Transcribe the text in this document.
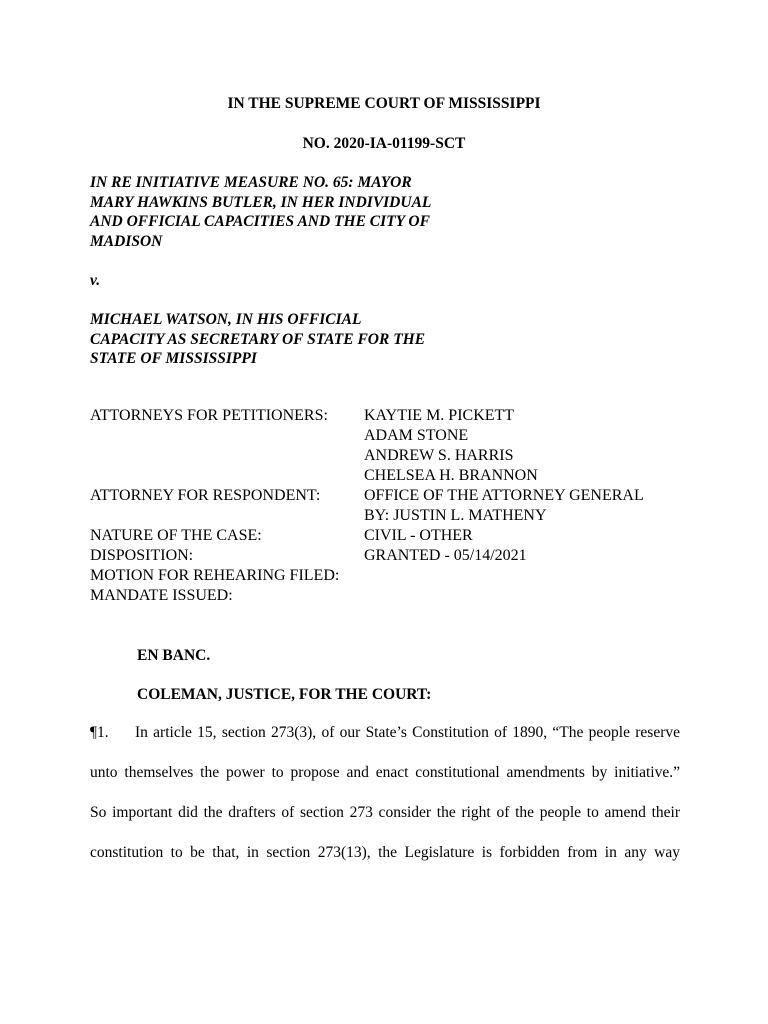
IN THE SUPREME COURT OF MISSISSIPPI
NO. 2020-IA-01199-SCT
IN RE INITIATIVE MEASURE NO. 65: MAYOR
MARY HAWKINS BUTLER, IN HER INDIVIDUAL
AND OFFICIAL CAPACITIES AND THE CITY OF
MADISON
v.
MICHAEL WATSON, IN HIS OFFICIAL
CAPACITY AS SECRETARY OF STATE FOR THE
STATE OF MISSISSIPPI
ATTORNEYS FOR PETITIONERS: KAYTIE M. PICKETT
ADAM STONE
ANDREW S. HARRIS
CHELSEA H. BRANNON
ATTORNEY FOR RESPONDENT:	OFFICE OF THE ATTORNEY GENERAL
BY: JUSTIN L. MATHENY
NATURE OF THE CASE:	CIVIL - OTHER
DISPOSITION:	GRANTED - 05/14/2021
MOTION FOR REHEARING FILED:
MANDATE ISSUED:
EN BANC.
COLEMAN, JUSTICE, FOR THE COURT:
¶1. In article 15, section 273(3), of our State’s Constitution of 1890, “The people reserve
unto themselves the power to propose and enact constitutional amendments by initiative.”
So important did the drafters of section 273 consider the right of the people to amend their
constitution to be that, in section 273(13), the Legislature is forbidden from in any way
